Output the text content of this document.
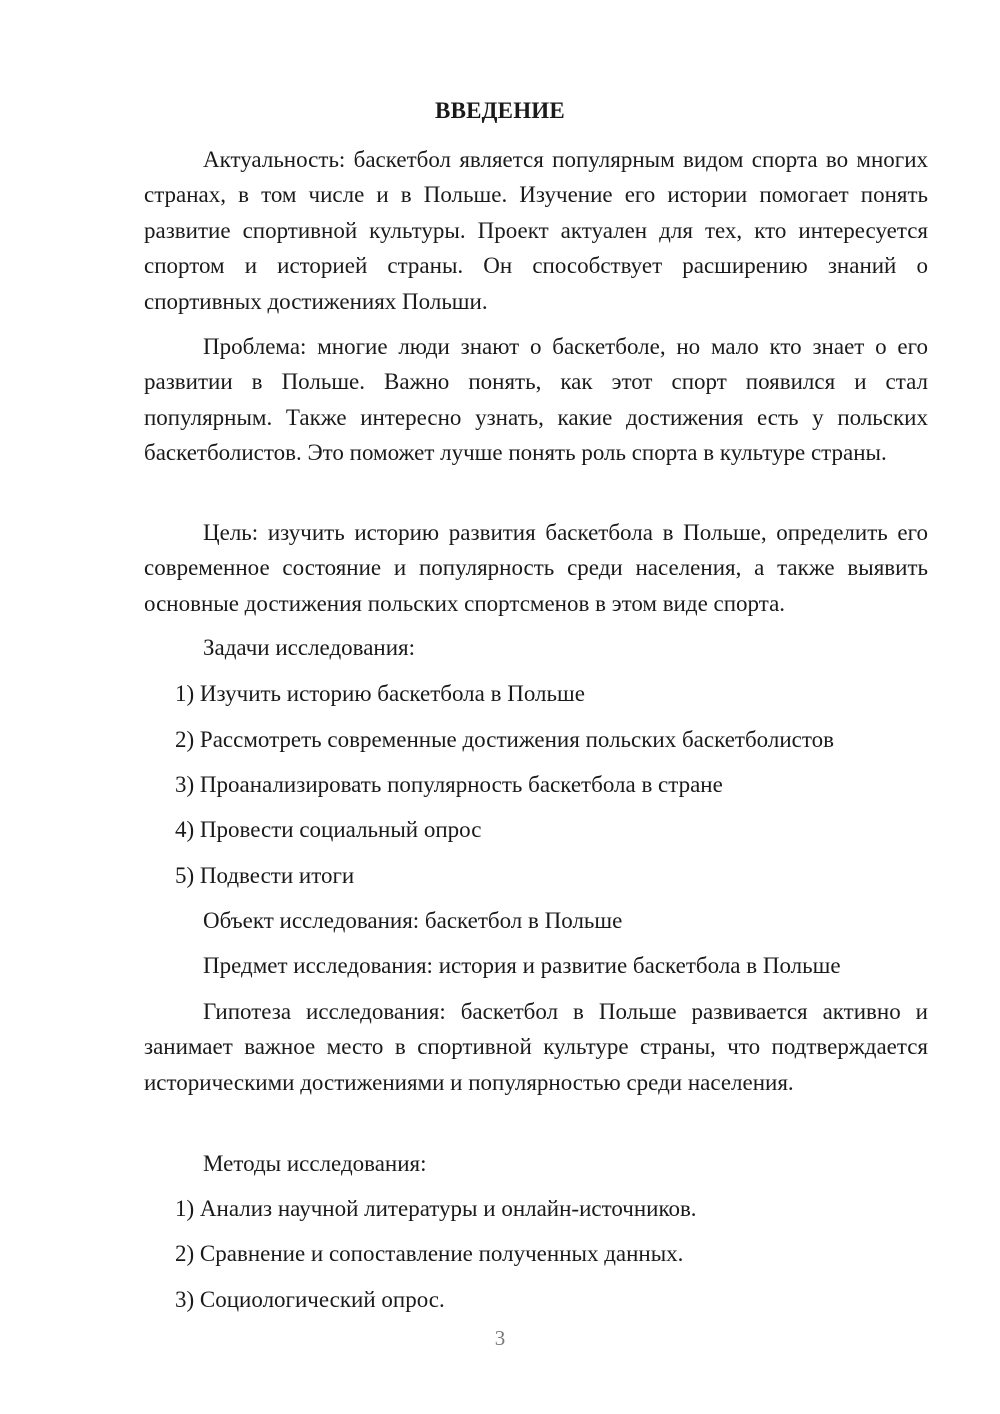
ВВЕДЕНИЕ

Актуальность: баскетбол является популярным видом спорта во многих странах, в том числе и в Польше. Изучение его истории помогает понять развитие спортивной культуры. Проект актуален для тех, кто интересуется спортом и историей страны. Он способствует расширению знаний о спортивных достижениях Польши.

Проблема: многие люди знают о баскетболе, но мало кто знает о его развитии в Польше. Важно понять, как этот спорт появился и стал популярным. Также интересно узнать, какие достижения есть у польских баскетболистов. Это поможет лучше понять роль спорта в культуре страны.

Цель: изучить историю развития баскетбола в Польше, определить его современное состояние и популярность среди населения, а также выявить основные достижения польских спортсменов в этом виде спорта.

Задачи исследования:

1) Изучить историю баскетбола в Польше

2) Рассмотреть современные достижения польских баскетболистов

3) Проанализировать популярность баскетбола в стране

4) Провести социальный опрос

5) Подвести итоги

Объект исследования: баскетбол в Польше

Предмет исследования: история и развитие баскетбола в Польше

Гипотеза исследования: баскетбол в Польше развивается активно и занимает важное место в спортивной культуре страны, что подтверждается историческими достижениями и популярностью среди населения.

Методы исследования:

1) Анализ научной литературы и онлайн-источников.

2) Сравнение и сопоставление полученных данных.

3) Социологический опрос.

3
